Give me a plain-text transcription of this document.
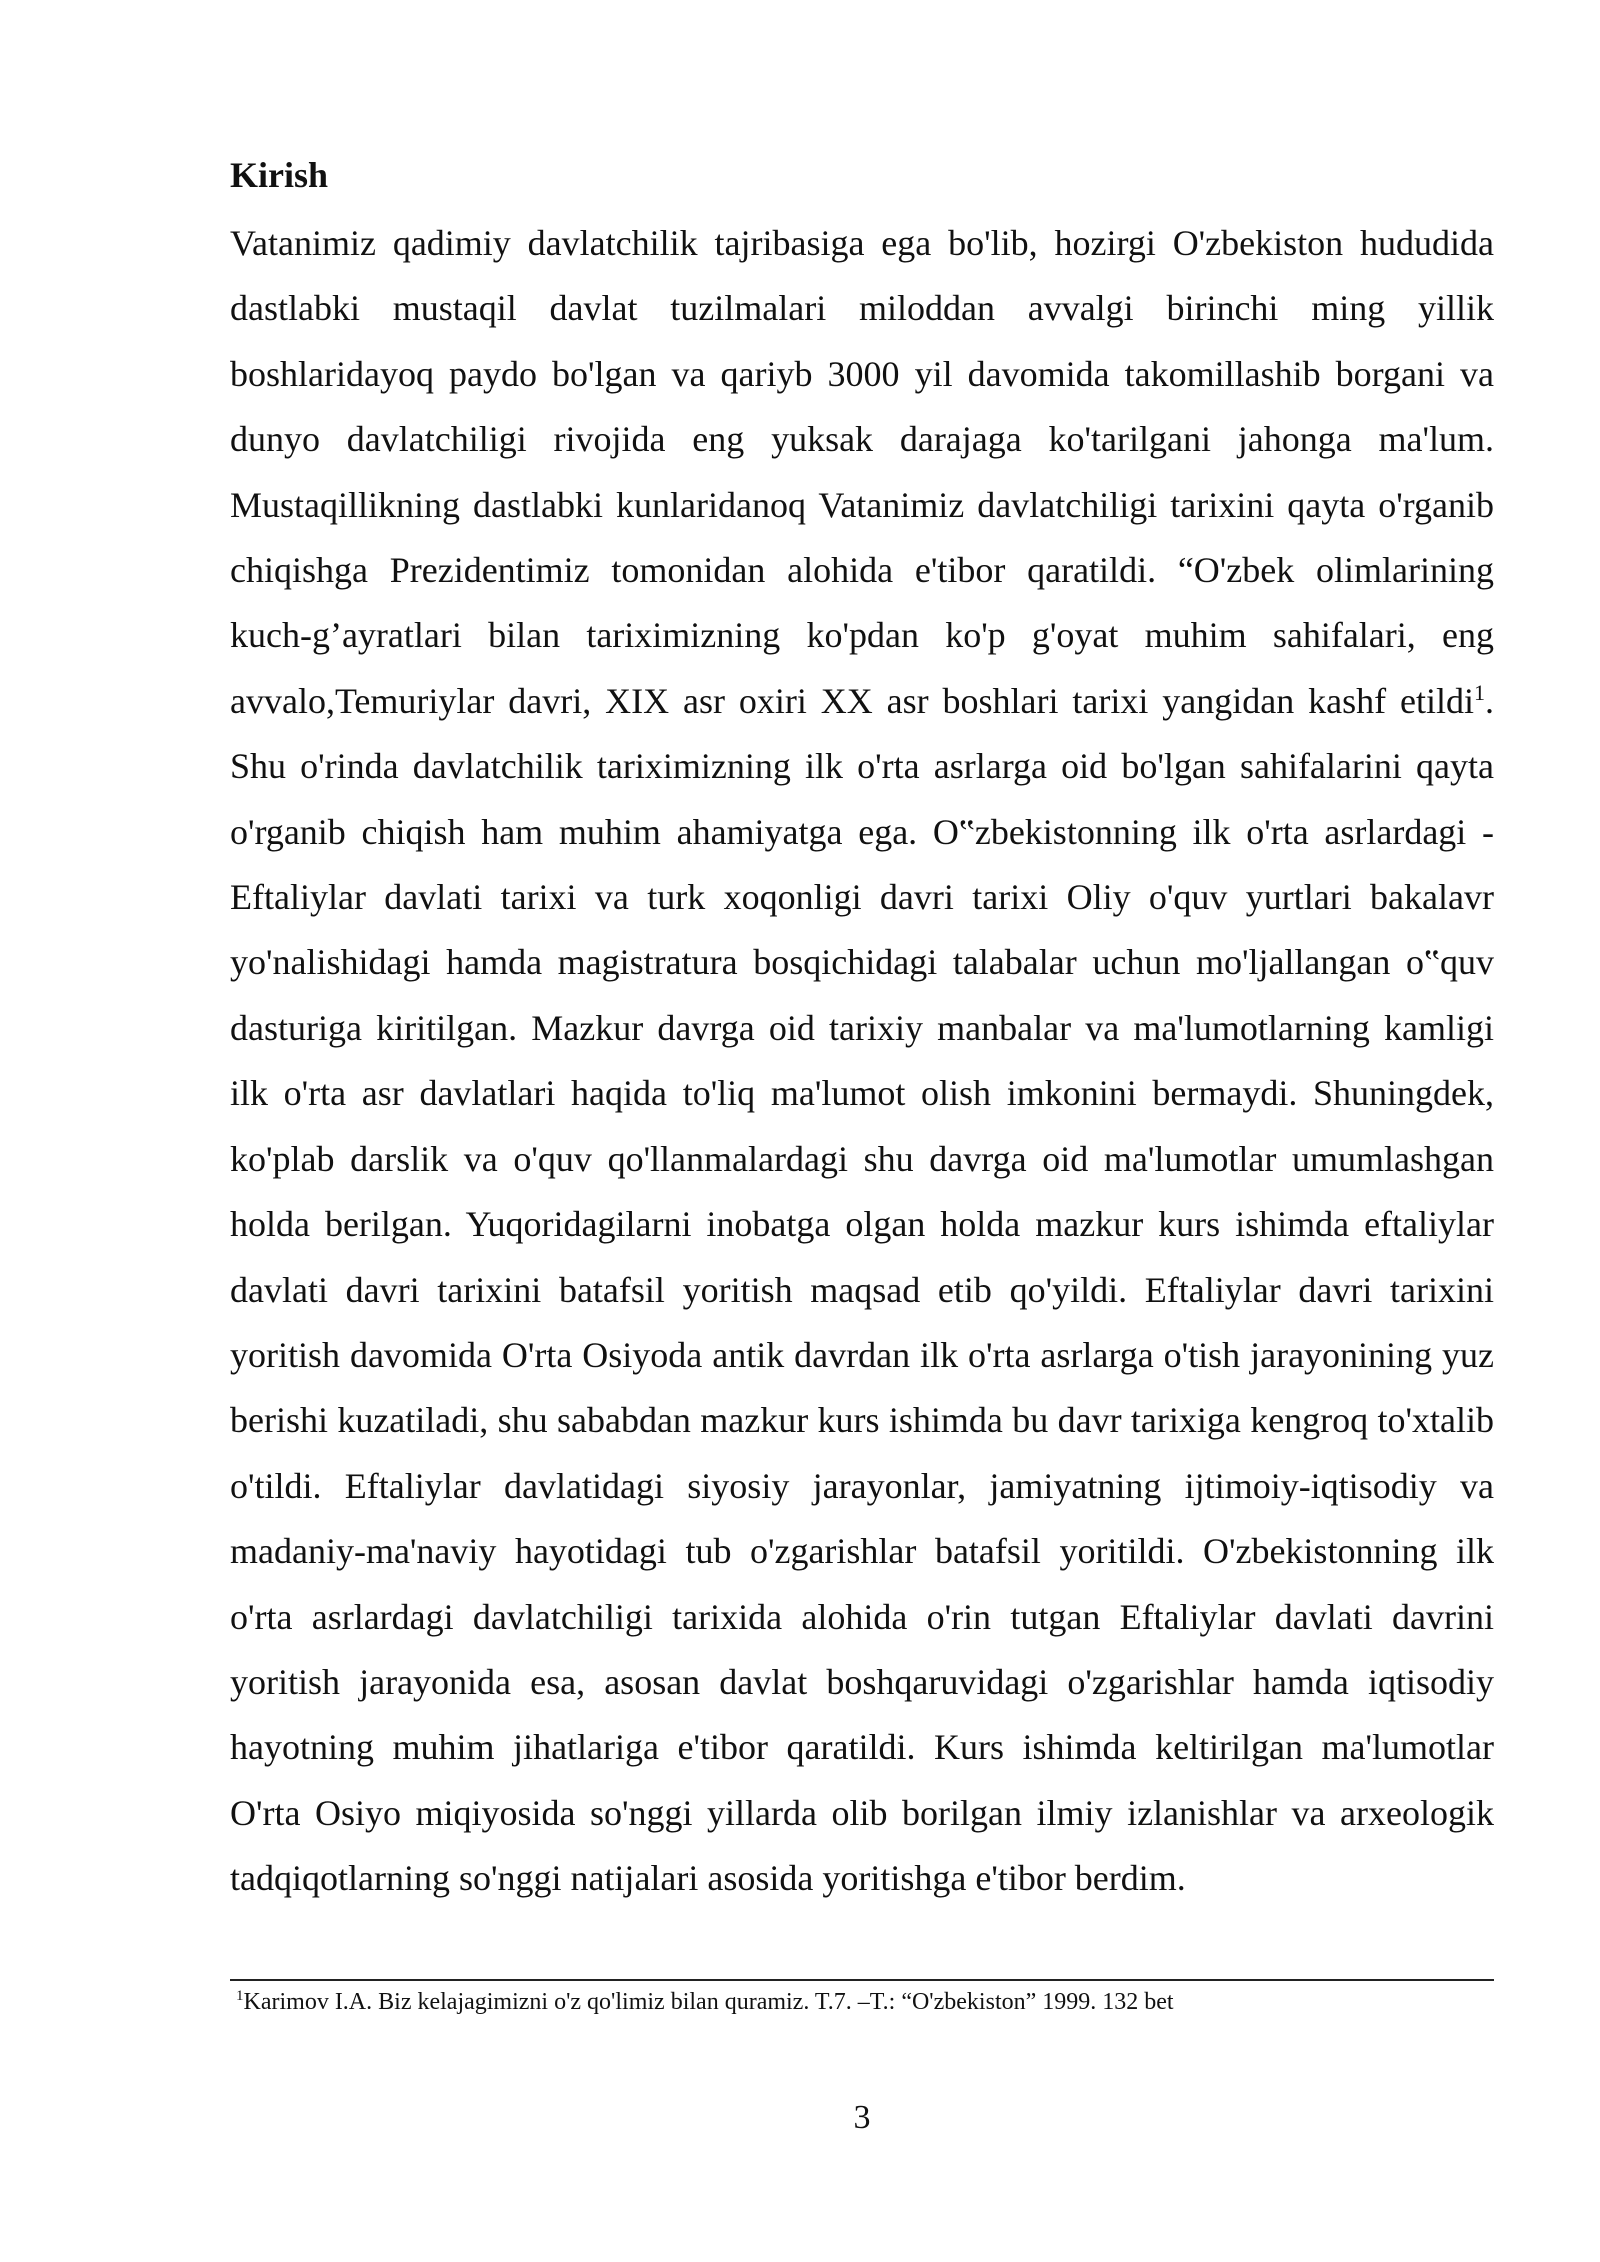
Kirish

Vatanimiz qadimiy davlatchilik tajribasiga ega bo'lib, hozirgi O'zbekiston hududida dastlabki mustaqil davlat tuzilmalari miloddan avvalgi birinchi ming yillik boshlaridayoq paydo bo'lgan va qariyb 3000 yil davomida takomillashib borgani va dunyo davlatchiligi rivojida eng yuksak darajaga ko'tarilgani jahonga ma'lum. Mustaqillikning dastlabki kunlaridanoq Vatanimiz davlatchiligi tarixini qayta o'rganib chiqishga Prezidentimiz tomonidan alohida e'tibor qaratildi. “O'zbek olimlarining kuch-g’ayratlari bilan tariximizning ko'pdan ko'p g'oyat muhim sahifalari, eng avvalo,Temuriylar davri, XIX asr oxiri XX asr boshlari tarixi yangidan kashf etildi$^1$. Shu o'rinda davlatchilik tariximizning ilk o'rta asrlarga oid bo'lgan sahifalarini qayta o'rganib chiqish ham muhim ahamiyatga ega. O‟zbekistonning ilk o'rta asrlardagi - Eftaliylar davlati tarixi va turk xoqonligi davri tarixi Oliy o'quv yurtlari bakalavr yo'nalishidagi hamda magistratura bosqichidagi talabalar uchun mo'ljallangan o‟quv dasturiga kiritilgan. Mazkur davrga oid tarixiy manbalar va ma'lumotlarning kamligi ilk o'rta asr davlatlari haqida to'liq ma'lumot olish imkonini bermaydi. Shuningdek, ko'plab darslik va o'quv qo'llanmalardagi shu davrga oid ma'lumotlar umumlashgan holda berilgan. Yuqoridagilarni inobatga olgan holda mazkur kurs ishimda eftaliylar davlati davri tarixini batafsil yoritish maqsad etib qo'yildi. Eftaliylar davri tarixini yoritish davomida O'rta Osiyoda antik davrdan ilk o'rta asrlarga o'tish jarayonining yuz berishi kuzatiladi, shu sababdan mazkur kurs ishimda bu davr tarixiga kengroq to'xtalib o'tildi. Eftaliylar davlatidagi siyosiy jarayonlar, jamiyatning ijtimoiy-iqtisodiy va madaniy-ma'naviy hayotidagi tub o'zgarishlar batafsil yoritildi. O'zbekistonning ilk o'rta asrlardagi davlatchiligi tarixida alohida o'rin tutgan Eftaliylar davlati davrini yoritish jarayonida esa, asosan davlat boshqaruvidagi o'zgarishlar hamda iqtisodiy hayotning muhim jihatlariga e'tibor qaratildi. Kurs ishimda keltirilgan ma'lumotlar O'rta Osiyo miqiyosida so'nggi yillarda olib borilgan ilmiy izlanishlar va arxeologik tadqiqotlarning so'nggi natijalari asosida yoritishga e'tibor berdim.

$^1$Karimov I.A. Biz kelajagimizni o'z qo'limiz bilan quramiz. T.7. –T.: “O'zbekiston” 1999. 132 bet

3
